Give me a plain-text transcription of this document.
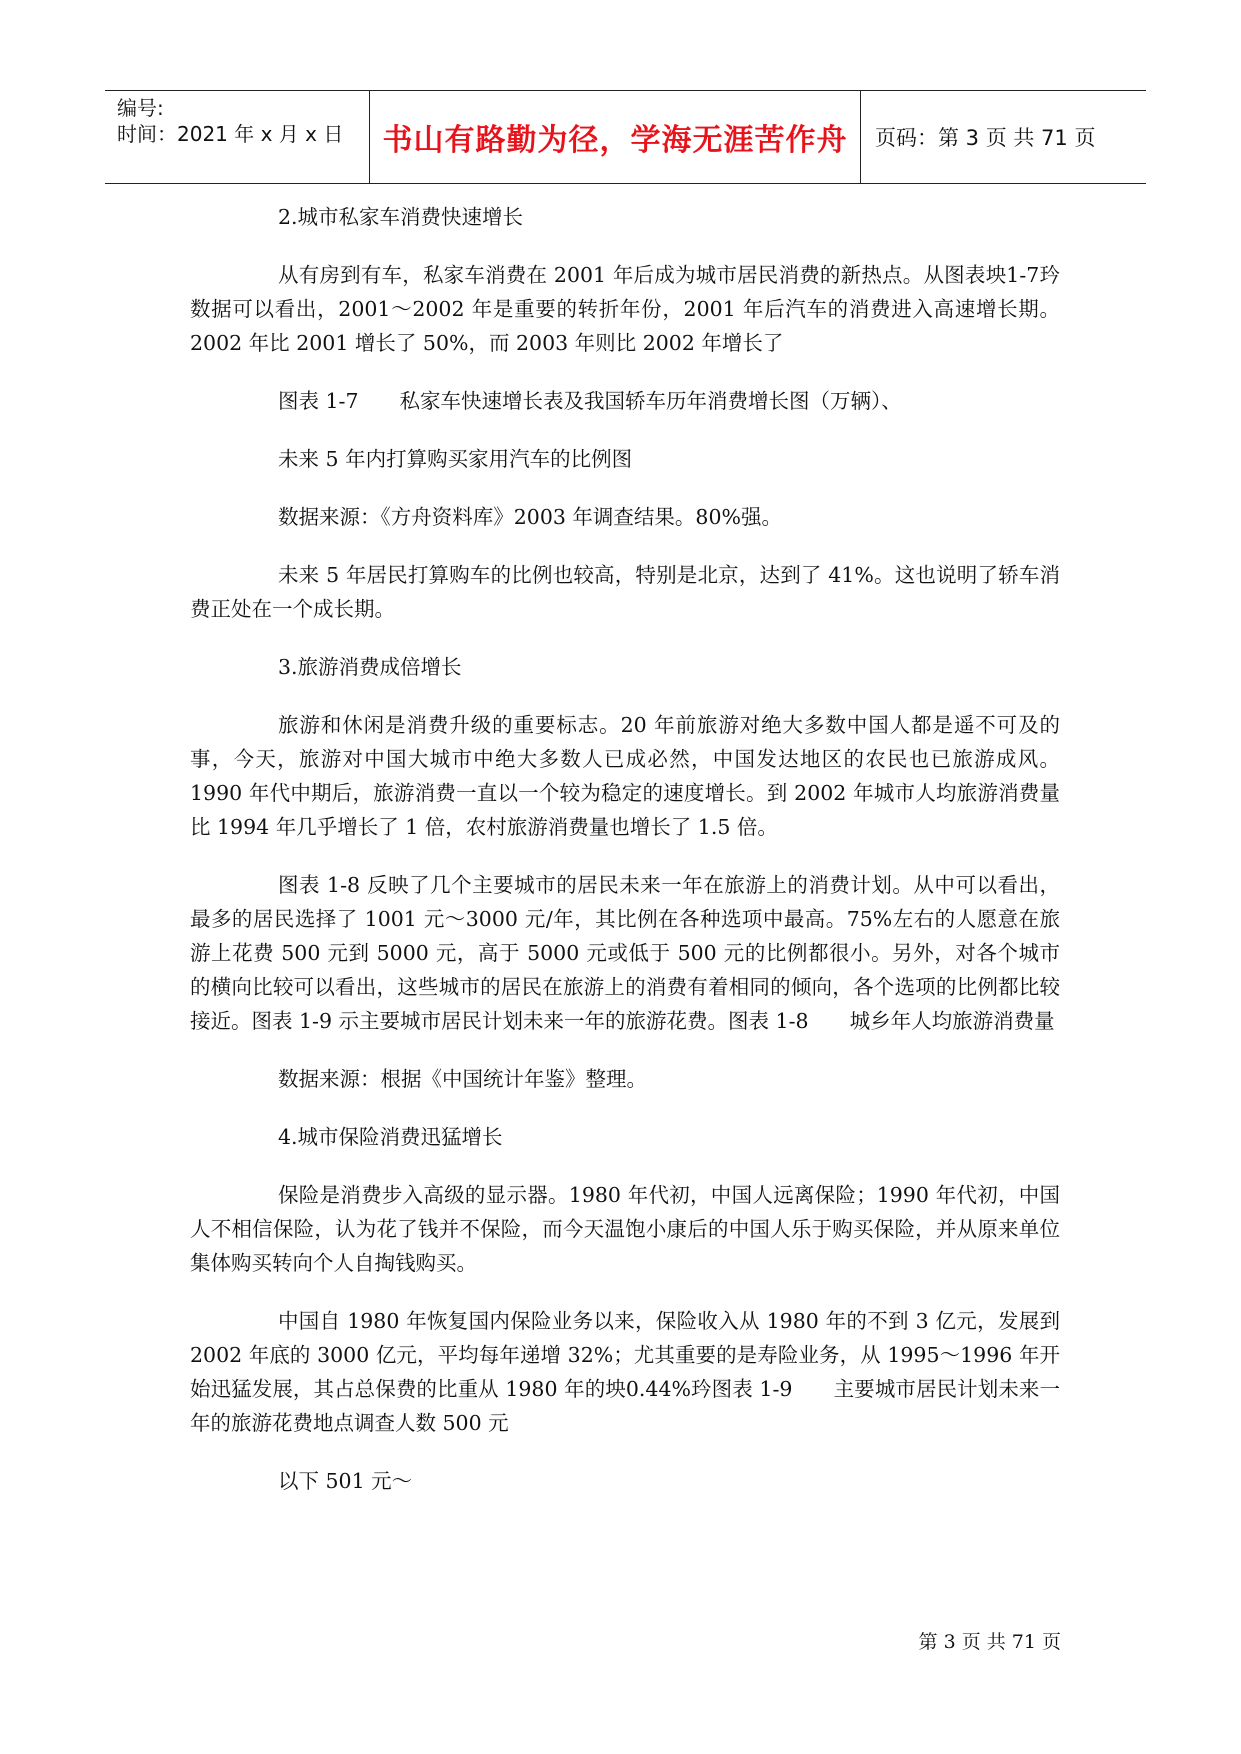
编号:
时间：2021 年 x 月 x 日	书山有路勤为径，学海无涯苦作舟	页码：第 3 页 共 71 页

2.城市私家车消费快速增长

从有房到有车，私家车消费在 2001 年后成为城市居民消费的新热点。从图表坱1-7玪数据可以看出，2001～2002 年是重要的转折年份，2001 年后汽车的消费进入高速增长期。2002 年比 2001 增长了 50%，而 2003 年则比 2002 年增长了

图表 1-7　　私家车快速增长表及我国轿车历年消费增长图（万辆）、

未来 5 年内打算购买家用汽车的比例图

数据来源：《方舟资料库》2003 年调查结果。80%强。

未来 5 年居民打算购车的比例也较高，特别是北京，达到了 41%。这也说明了轿车消费正处在一个成长期。

3.旅游消费成倍增长

旅游和休闲是消费升级的重要标志。20 年前旅游对绝大多数中国人都是遥不可及的事，今天，旅游对中国大城市中绝大多数人已成必然，中国发达地区的农民也已旅游成风。1990 年代中期后，旅游消费一直以一个较为稳定的速度增长。到 2002 年城市人均旅游消费量比 1994 年几乎增长了 1 倍，农村旅游消费量也增长了 1.5 倍。

图表 1-8 反映了几个主要城市的居民未来一年在旅游上的消费计划。从中可以看出，最多的居民选择了 1001 元～3000 元/年，其比例在各种选项中最高。75%左右的人愿意在旅游上花费 500 元到 5000 元，高于 5000 元或低于 500 元的比例都很小。另外，对各个城市的横向比较可以看出，这些城市的居民在旅游上的消费有着相同的倾向，各个选项的比例都比较接近。图表 1-9 示主要城市居民计划未来一年的旅游花费。图表 1-8　　城乡年人均旅游消费量

数据来源：根据《中国统计年鉴》整理。

4.城市保险消费迅猛增长

保险是消费步入高级的显示器。1980 年代初，中国人远离保险；1990 年代初，中国人不相信保险，认为花了钱并不保险，而今天温饱小康后的中国人乐于购买保险，并从原来单位集体购买转向个人自掏钱购买。

中国自 1980 年恢复国内保险业务以来，保险收入从 1980 年的不到 3 亿元，发展到 2002 年底的 3000 亿元，平均每年递增 32%；尤其重要的是寿险业务，从 1995～1996 年开始迅猛发展，其占总保费的比重从 1980 年的坱0.44%玪图表 1-9　　主要城市居民计划未来一年的旅游花费地点调查人数 500 元

以下 501 元～

第 3 页 共 71 页
